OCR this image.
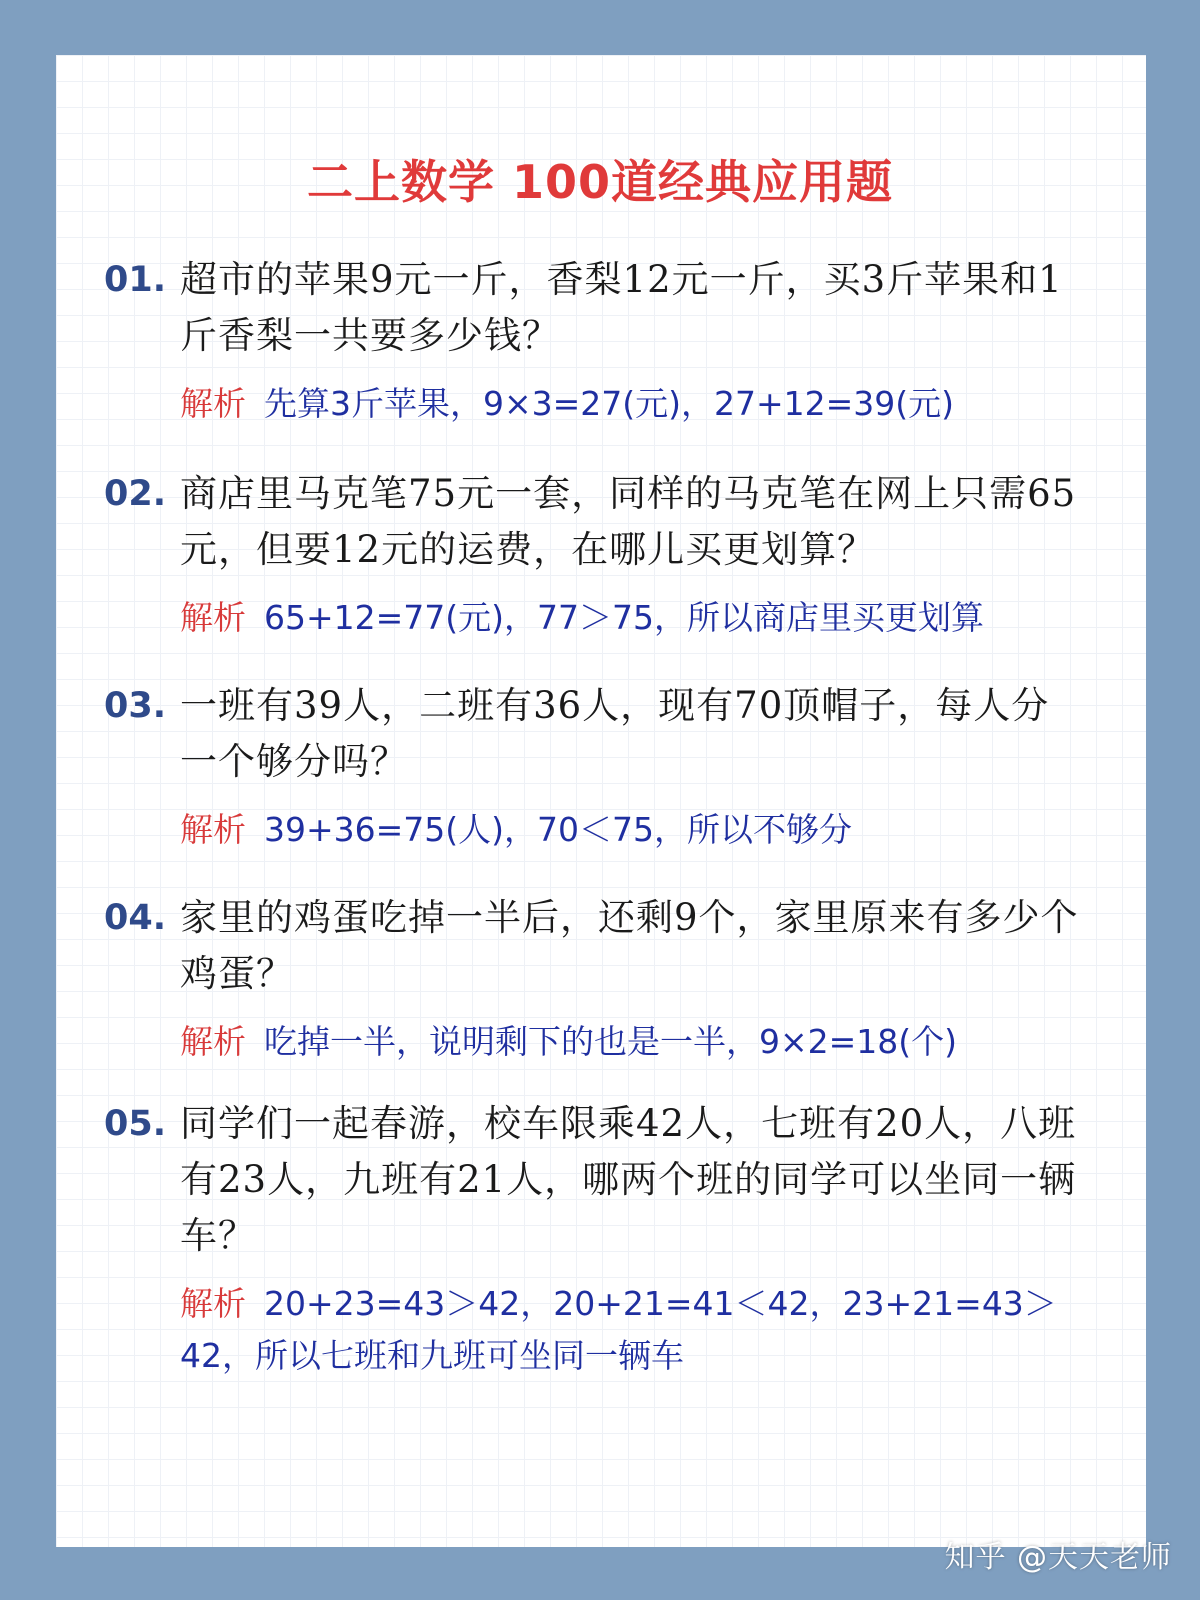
二上数学 100道经典应用题
01. 超市的苹果9元一斤，香梨12元一斤，买3斤苹果和1斤香梨一共要多少钱？
解析 先算3斤苹果，9×3=27(元)，27+12=39(元)
02. 商店里马克笔75元一套，同样的马克笔在网上只需65元，但要12元的运费，在哪儿买更划算？
解析 65+12=77(元)，77＞75，所以商店里买更划算
03. 一班有39人，二班有36人，现有70顶帽子，每人分一个够分吗？
解析 39+36=75(人)，70＜75，所以不够分
04. 家里的鸡蛋吃掉一半后，还剩9个，家里原来有多少个鸡蛋？
解析 吃掉一半，说明剩下的也是一半，9×2=18(个)
05. 同学们一起春游，校车限乘42人，七班有20人，八班有23人，九班有21人，哪两个班的同学可以坐同一辆车？
解析 20+23=43＞42，20+21=41＜42，23+21=43＞42，所以七班和九班可坐同一辆车
知乎 @天天老师
